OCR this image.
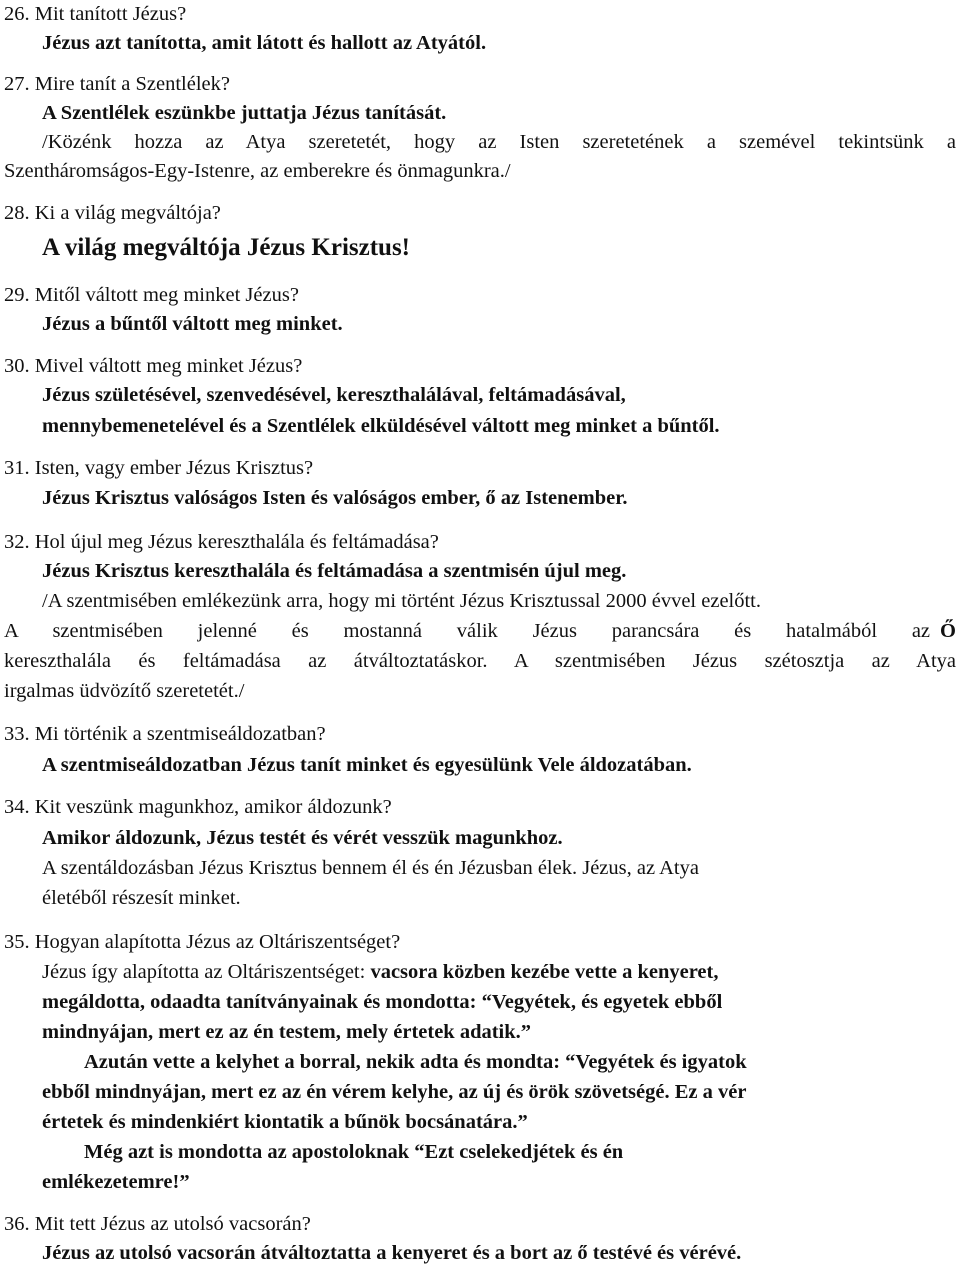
26. Mit tanított Jézus?

Jézus azt tanította, amit látott és hallott az Atyától.

27. Mire tanít a Szentlélek?

A Szentlélek eszünkbe juttatja Jézus tanítását.

/Közénk hozza az Atya szeretetét, hogy az Isten szeretetének a szemével tekintsünk a

Szentháromságos-Egy-Istenre, az emberekre és önmagunkra./

28. Ki a világ megváltója?

A világ megváltója Jézus Krisztus!

29. Mitől váltott meg minket Jézus?

Jézus a bűntől váltott meg minket.

30. Mivel váltott meg minket Jézus?

Jézus születésével, szenvedésével, kereszthalálával, feltámadásával,

mennybemenetelével és a Szentlélek elküldésével váltott meg minket a bűntől.

31. Isten, vagy ember Jézus Krisztus?

Jézus Krisztus valóságos Isten és valóságos ember, ő az Istenember.

32. Hol újul meg Jézus kereszthalála és feltámadása?

Jézus Krisztus kereszthalála és feltámadása a szentmisén újul meg.

/A szentmisében emlékezünk arra, hogy mi történt Jézus Krisztussal 2000 évvel ezelőtt.

A szentmisében jelenné és mostanná válik Jézus parancsára és hatalmából az Ő

kereszthalála és feltámadása az átváltoztatáskor. A szentmisében Jézus szétosztja az Atya

irgalmas üdvözítő szeretetét./

33. Mi történik a szentmiseáldozatban?

A szentmiseáldozatban Jézus tanít minket és egyesülünk Vele áldozatában.

34. Kit veszünk magunkhoz, amikor áldozunk?

Amikor áldozunk, Jézus testét és vérét vesszük magunkhoz.

A szentáldozásban Jézus Krisztus bennem él és én Jézusban élek. Jézus, az Atya

életéből részesít minket.

35. Hogyan alapította Jézus az Oltáriszentséget?

Jézus így alapította az Oltáriszentséget: vacsora közben kezébe vette a kenyeret,

megáldotta, odaadta tanítványainak és mondotta: “Vegyétek, és egyetek ebből

mindnyájan, mert ez az én testem, mely értetek adatik.”

Azután vette a kelyhet a borral, nekik adta és mondta: “Vegyétek és igyatok

ebből mindnyájan, mert ez az én vérem kelyhe, az új és örök szövetségé. Ez a vér

értetek és mindenkiért kiontatik a bűnök bocsánatára.”

Még azt is mondotta az apostoloknak “Ezt cselekedjétek és én

emlékezetemre!”

36. Mit tett Jézus az utolsó vacsorán?

Jézus az utolsó vacsorán átváltoztatta a kenyeret és a bort az ő testévé és vérévé.
